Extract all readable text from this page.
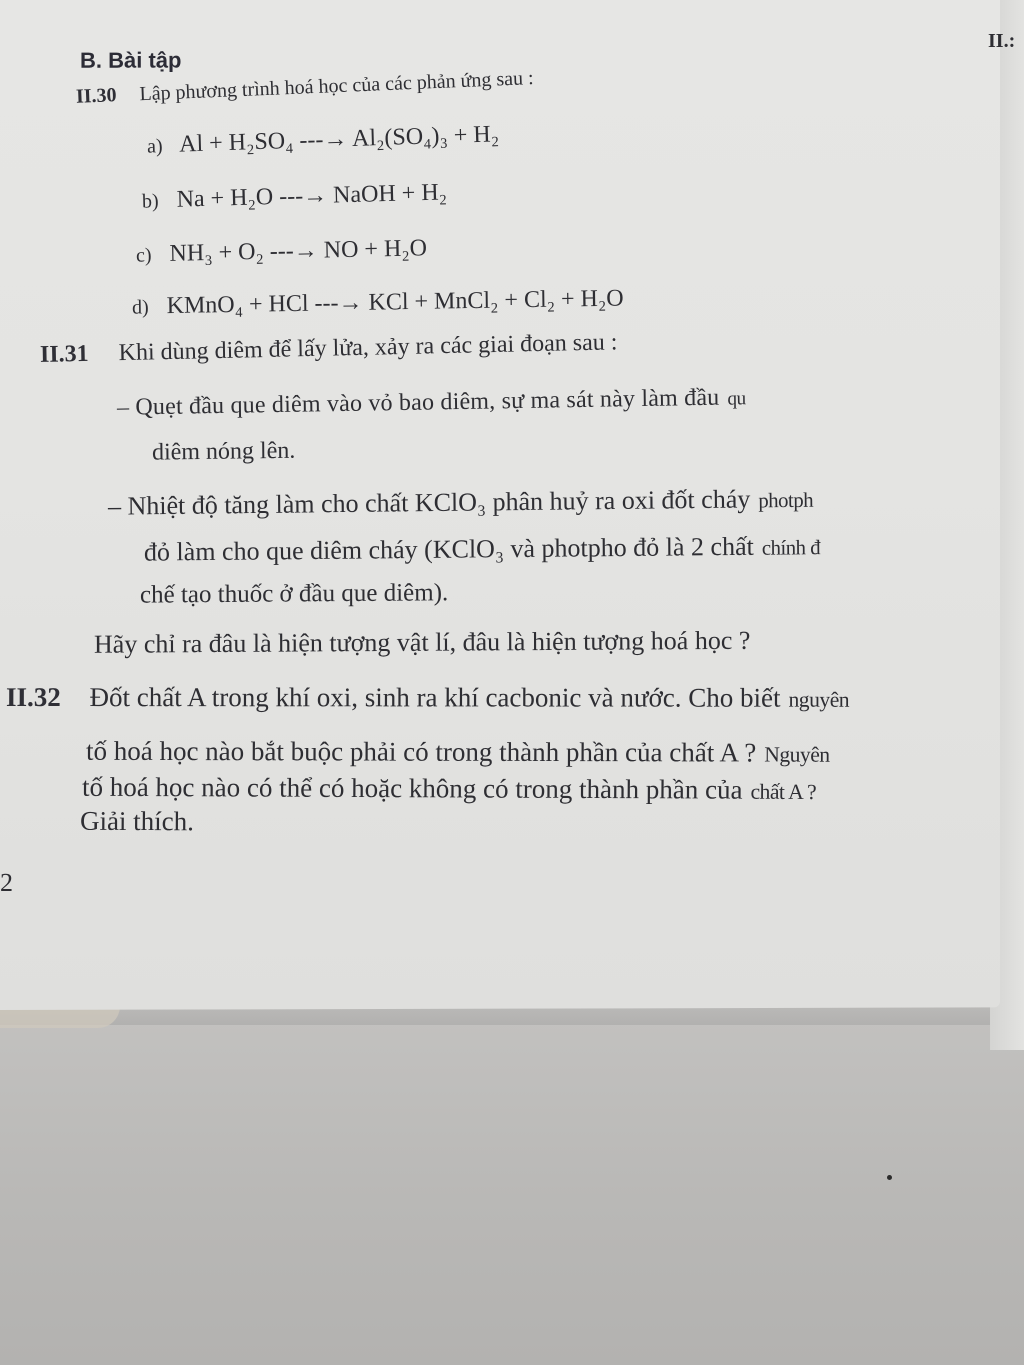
B. Bài tập
II.30 Lập phương trình hoá học của các phản ứng sau :
a) Al + H₂SO₄ ---→ Al₂(SO₄)₃ + H₂
b) Na + H₂O ---→ NaOH + H₂
c) NH₃ + O₂ ---→ NO + H₂O
d) KMnO₄ + HCl ---→ KCl + MnCl₂ + Cl₂ + H₂O
II.31 Khi dùng diêm để lấy lửa, xảy ra các giai đoạn sau :
– Quẹt đầu que diêm vào vỏ bao diêm, sự ma sát này làm đầu qu
diêm nóng lên.
– Nhiệt độ tăng làm cho chất KClO₃ phân huỷ ra oxi đốt cháy photph
đỏ làm cho que diêm cháy (KClO₃ và photpho đỏ là 2 chất chính đ
chế tạo thuốc ở đầu que diêm).
Hãy chỉ ra đâu là hiện tượng vật lí, đâu là hiện tượng hoá học ?
II.32 Đốt chất A trong khí oxi, sinh ra khí cacbonic và nước. Cho biết nguyên
tố hoá học nào bắt buộc phải có trong thành phần của chất A ? Nguyên
tố hoá học nào có thể có hoặc không có trong thành phần của chất A ?
Giải thích.
2
II.:
